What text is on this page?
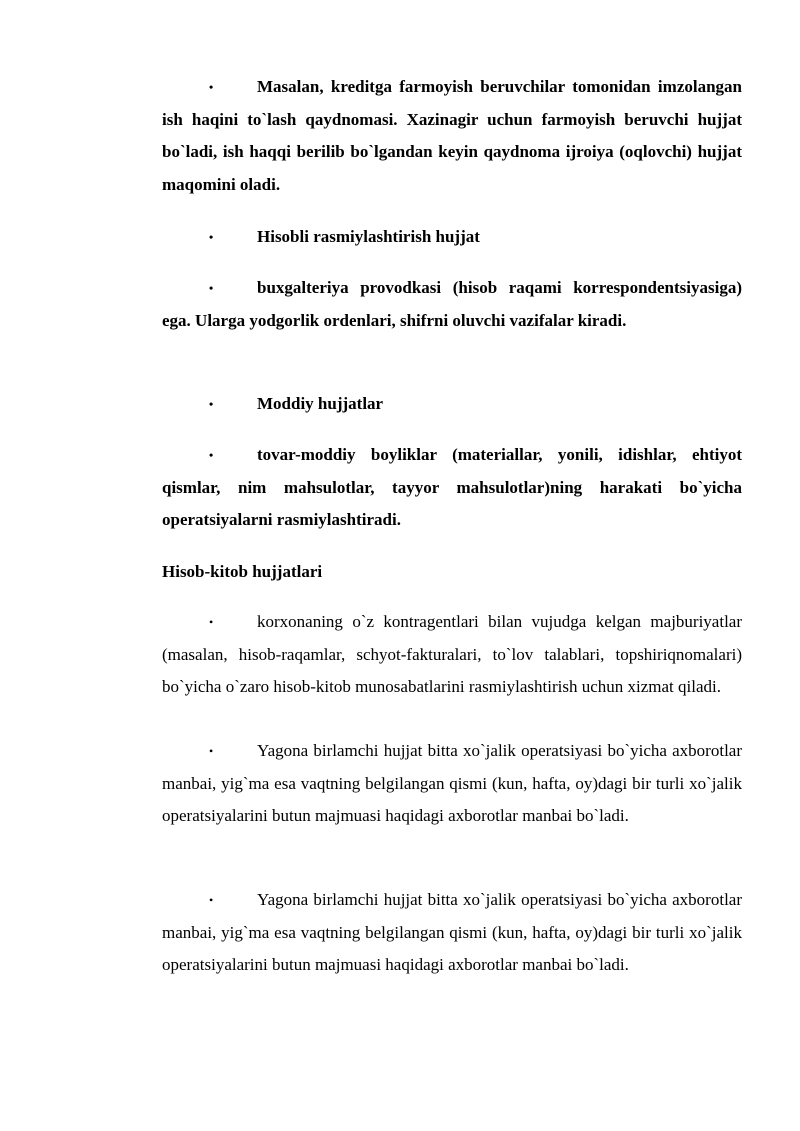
•	Masalan, kreditga farmoyish beruvchilar tomonidan imzolangan ish haqini to`lash qaydnomasi. Xazinagir uchun farmoyish beruvchi hujjat bo`ladi, ish haqqi berilib bo`lgandan keyin qaydnoma ijroiya (oqlovchi) hujjat maqomini oladi.

•	Hisobli rasmiylashtirish hujjat

•	buxgalteriya provodkasi (hisob raqami korrespondentsiyasiga) ega. Ularga yodgorlik ordenlari, shifrni oluvchi vazifalar kiradi.

•	Moddiy hujjatlar

•	tovar-moddiy boyliklar (materiallar, yonili, idishlar, ehtiyot qismlar, nim mahsulotlar, tayyor mahsulotlar)ning harakati bo`yicha operatsiyalarni rasmiylashtiradi.

Hisob-kitob hujjatlari

•	korxonaning o`z kontragentlari bilan vujudga kelgan majburiyatlar (masalan, hisob-raqamlar, schyot-fakturalari, to`lov talablari, topshiriqnomalari) bo`yicha o`zaro hisob-kitob munosabatlarini rasmiylashtirish uchun xizmat qiladi.

•	Yagona birlamchi hujjat bitta xo`jalik operatsiyasi bo`yicha axborotlar manbai, yig`ma esa vaqtning belgilangan qismi (kun, hafta, oy)dagi bir turli xo`jalik operatsiyalarini butun majmuasi haqidagi axborotlar manbai bo`ladi.

•	Yagona birlamchi hujjat bitta xo`jalik operatsiyasi bo`yicha axborotlar manbai, yig`ma esa vaqtning belgilangan qismi (kun, hafta, oy)dagi bir turli xo`jalik operatsiyalarini butun majmuasi haqidagi axborotlar manbai bo`ladi.
